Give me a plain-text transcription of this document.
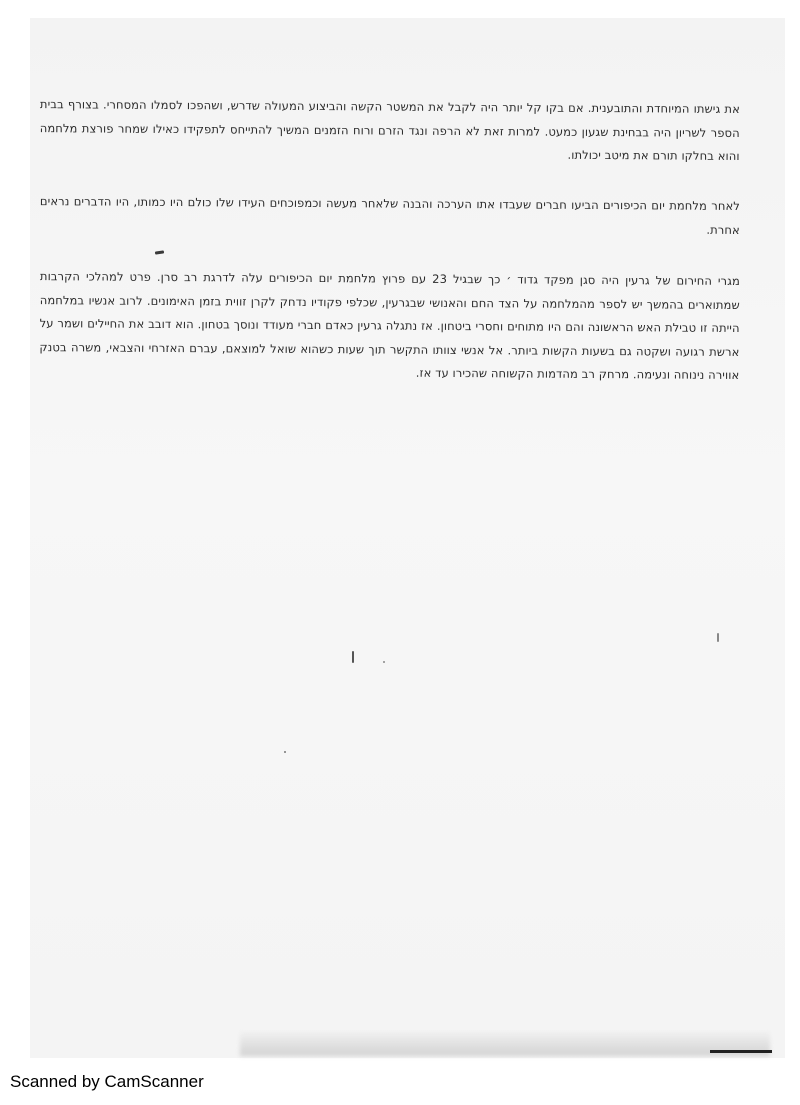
את גישתו המיוחדת והתובענית. אם בקו קל יותר היה לקבל את המשטר הקשה והביצוע המעולה שדרש, ושהפכו לסמלו המסחרי. בצורף בבית הספר לשריון היה בבחינת שגעון כמעט. למרות זאת לא הרפה ונגד הזרם ורוח הזמנים המשיך להתייחס לתפקידו כאילו שמחר פורצת מלחמה והוא בחלקו תורם את מיטב יכולתו.
לאחר מלחמת יום הכיפורים הביעו חברים שעבדו אתו הערכה והבנה שלאחר מעשה וכמפוכחים העידו שלו כולם היו כמותו, היו הדברים נראים אחרת.
מגרי החירום של גרעין היה סגן מפקד גדוד ׳ כך שבגיל 23 עם פרוץ מלחמת יום הכיפורים עלה לדרגת רב סרן. פרט למהלכי הקרבות שמתוארים בהמשך יש לספר מהמלחמה על הצד החם והאנושי שבגרעין, שכלפי פקודיו נדחק לקרן זווית בזמן האימונים. לרוב אנשיו במלחמה הייתה זו טבילת האש הראשונה והם היו מתוחים וחסרי ביטחון. אז נתגלה גרעין כאדם חברי מעודד ונוסך בטחון. הוא דובב את החיילים ושמר על ארשת רגועה ושקטה גם בשעות הקשות ביותר. אל אנשי צוותו התקשר תוך שעות כשהוא שואל למוצאם, עברם האזרחי והצבאי, משרה בטנק אווירה נינוחה ונעימה. מרחק רב מהדמות הקשוחה שהכירו עד אז.
Scanned by CamScanner
